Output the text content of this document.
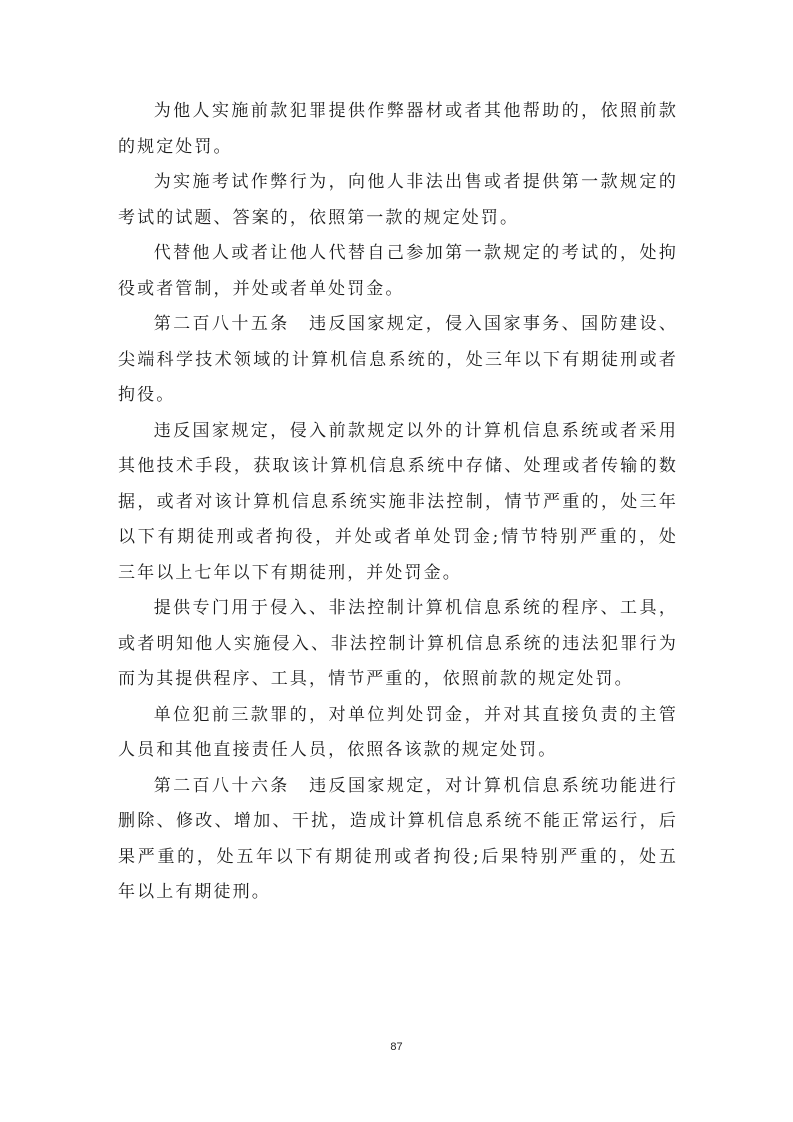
为他人实施前款犯罪提供作弊器材或者其他帮助的，依照前款的规定处罚。

为实施考试作弊行为，向他人非法出售或者提供第一款规定的考试的试题、答案的，依照第一款的规定处罚。

代替他人或者让他人代替自己参加第一款规定的考试的，处拘役或者管制，并处或者单处罚金。

第二百八十五条　违反国家规定，侵入国家事务、国防建设、尖端科学技术领域的计算机信息系统的，处三年以下有期徒刑或者拘役。

违反国家规定，侵入前款规定以外的计算机信息系统或者采用其他技术手段，获取该计算机信息系统中存储、处理或者传输的数据，或者对该计算机信息系统实施非法控制，情节严重的，处三年以下有期徒刑或者拘役，并处或者单处罚金;情节特别严重的，处三年以上七年以下有期徒刑，并处罚金。

提供专门用于侵入、非法控制计算机信息系统的程序、工具，或者明知他人实施侵入、非法控制计算机信息系统的违法犯罪行为而为其提供程序、工具，情节严重的，依照前款的规定处罚。

单位犯前三款罪的，对单位判处罚金，并对其直接负责的主管人员和其他直接责任人员，依照各该款的规定处罚。

第二百八十六条　违反国家规定，对计算机信息系统功能进行删除、修改、增加、干扰，造成计算机信息系统不能正常运行，后果严重的，处五年以下有期徒刑或者拘役;后果特别严重的，处五年以上有期徒刑。

87
